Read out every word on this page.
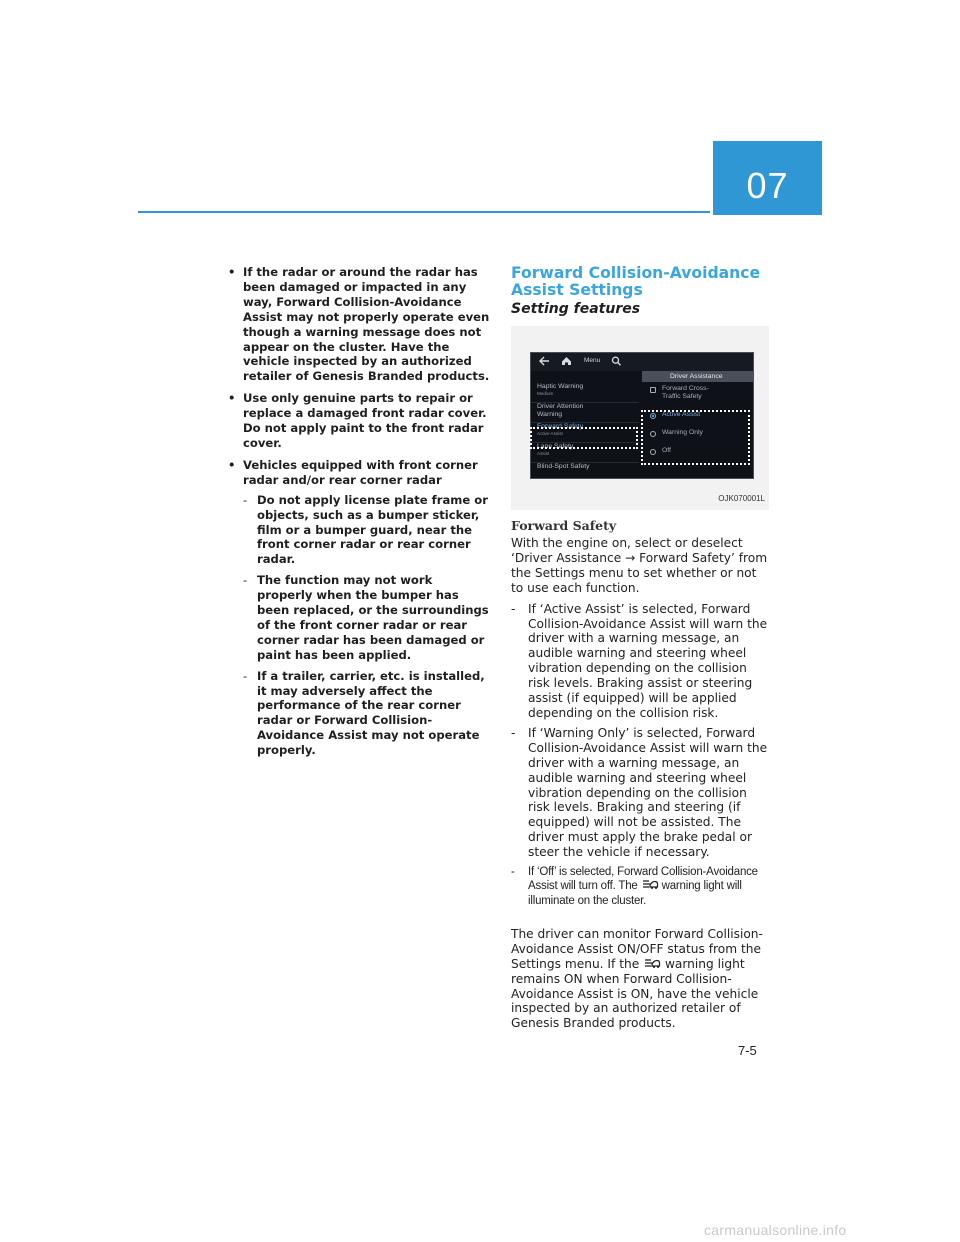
07
• If the radar or around the radar has been damaged or impacted in any way, Forward Collision-Avoidance Assist may not properly operate even though a warning message does not appear on the cluster. Have the vehicle inspected by an authorized retailer of Genesis Branded products.
• Use only genuine parts to repair or replace a damaged front radar cover. Do not apply paint to the front radar cover.
• Vehicles equipped with front corner radar and/or rear corner radar
- Do not apply license plate frame or objects, such as a bumper sticker, film or a bumper guard, near the front corner radar or rear corner radar.
- The function may not work properly when the bumper has been replaced, or the surroundings of the front corner radar or rear corner radar has been damaged or paint has been applied.
- If a trailer, carrier, etc. is installed, it may adversely affect the performance of the rear corner radar or Forward Collision-Avoidance Assist may not operate properly.
Forward Collision-Avoidance Assist Settings
Setting features
Menu
Driver Assistance
Haptic Warning
Medium
Driver Attention Warning
Forward Safety
Active Assist
Lane Safety
Assist
Blind-Spot Safety
Forward Cross-Traffic Safety
Active Assist
Warning Only
Off
OJK070001L
Forward Safety

With the engine on, select or deselect ‘Driver Assistance → Forward Safety’ from the Settings menu to set whether or not to use each function.

- If ‘Active Assist’ is selected, Forward Collision-Avoidance Assist will warn the driver with a warning message, an audible warning and steering wheel vibration depending on the collision risk levels. Braking assist or steering assist (if equipped) will be applied depending on the collision risk.
- If ‘Warning Only’ is selected, Forward Collision-Avoidance Assist will warn the driver with a warning message, an audible warning and steering wheel vibration depending on the collision risk levels. Braking and steering (if equipped) will not be assisted. The driver must apply the brake pedal or steer the vehicle if necessary.
- If ‘Off’ is selected, Forward Collision-Avoidance Assist will turn off. The warning light will illuminate on the cluster.

The driver can monitor Forward Collision-Avoidance Assist ON/OFF status from the Settings menu. If the warning light remains ON when Forward Collision-Avoidance Assist is ON, have the vehicle inspected by an authorized retailer of Genesis Branded products.

7-5
carmanualsonline.info
